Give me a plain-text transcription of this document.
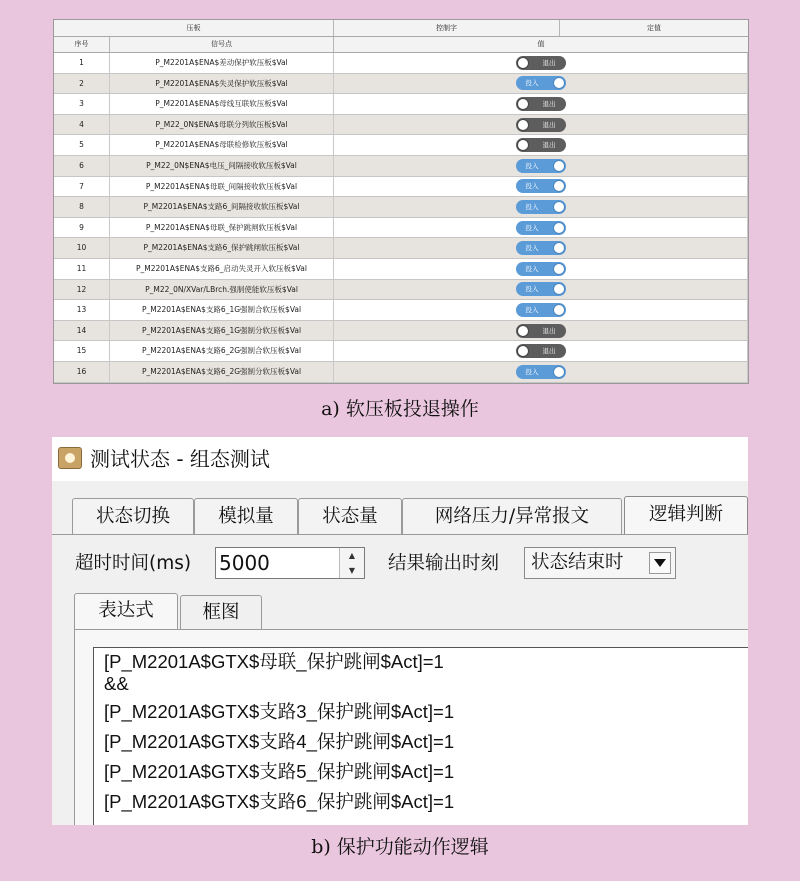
压板	控制字	定值
序号	信号点	值
1	P_M2201A$ENA$差动保护软压板$Val	退出
2	P_M2201A$ENA$失灵保护软压板$Val	投入
3	P_M2201A$ENA$母线互联软压板$Val	退出
4	P_M22_0N$ENA$母联分列软压板$Val	退出
5	P_M2201A$ENA$母联检修软压板$Val	退出
6	P_M22_0N$ENA$电压_间隔接收软压板$Val	投入
7	P_M2201A$ENA$母联_间隔接收软压板$Val	投入
8	P_M2201A$ENA$支路6_间隔接收软压板$Val	投入
9	P_M2201A$ENA$母联_保护跳闸软压板$Val	投入
10	P_M2201A$ENA$支路6_保护跳闸软压板$Val	投入
11	P_M2201A$ENA$支路6_启动失灵开入软压板$Val	投入
12	P_M22_0N/XVar/LBrch.强制使能软压板$Val	投入
13	P_M2201A$ENA$支路6_1G强制合软压板$Val	投入
14	P_M2201A$ENA$支路6_1G强制分软压板$Val	退出
15	P_M2201A$ENA$支路6_2G强制合软压板$Val	退出
16	P_M2201A$ENA$支路6_2G强制分软压板$Val	投入
a) 软压板投退操作
测试状态 - 组态测试
状态切换	模拟量	状态量	网络压力/异常报文	逻辑判断
超时时间(ms)
5000	▲
▼	结果输出时刻 状态结束时
表达式	框图
[P_M2201A$GTX$母联_保护跳闸$Act]=1
&&
[P_M2201A$GTX$支路3_保护跳闸$Act]=1
[P_M2201A$GTX$支路4_保护跳闸$Act]=1
[P_M2201A$GTX$支路5_保护跳闸$Act]=1
[P_M2201A$GTX$支路6_保护跳闸$Act]=1
b) 保护功能动作逻辑
